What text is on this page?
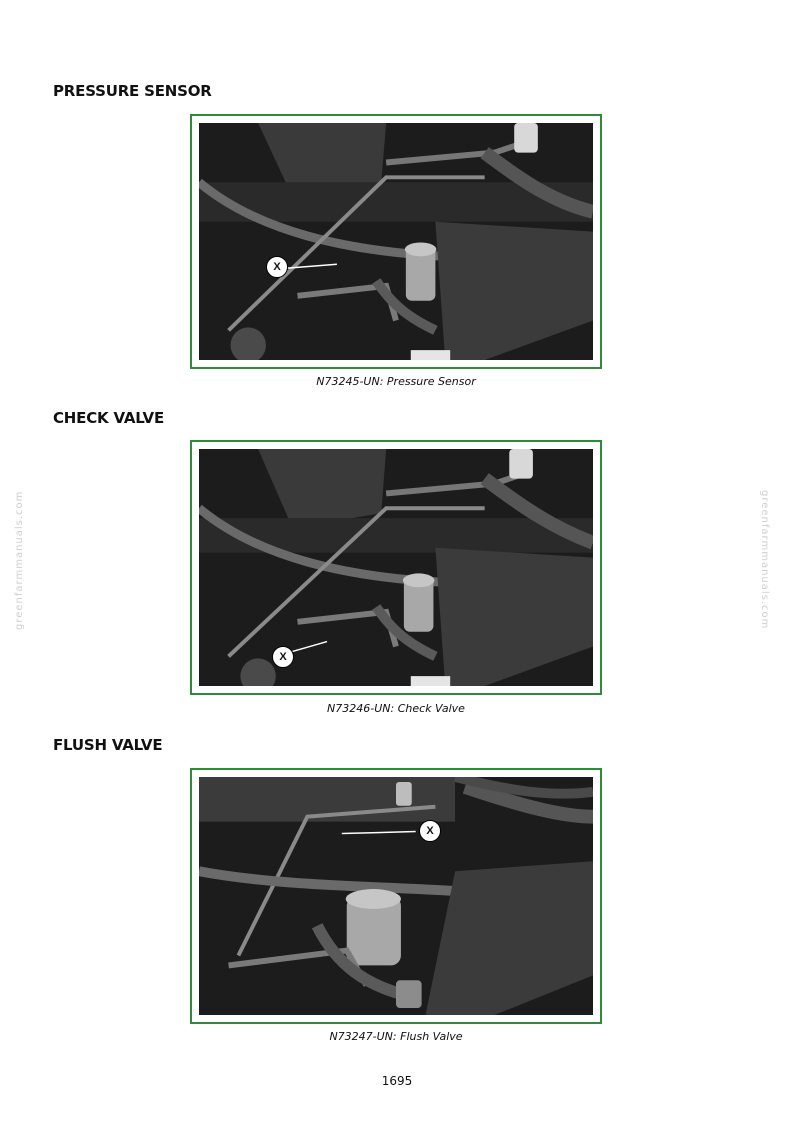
PRESSURE SENSOR
X
N73245-UN: Pressure Sensor
CHECK VALVE
X
N73246-UN: Check Valve
FLUSH VALVE
X
N73247-UN: Flush Valve
greenfarmmanuals.com	greenfarmmanuals.com
1695
